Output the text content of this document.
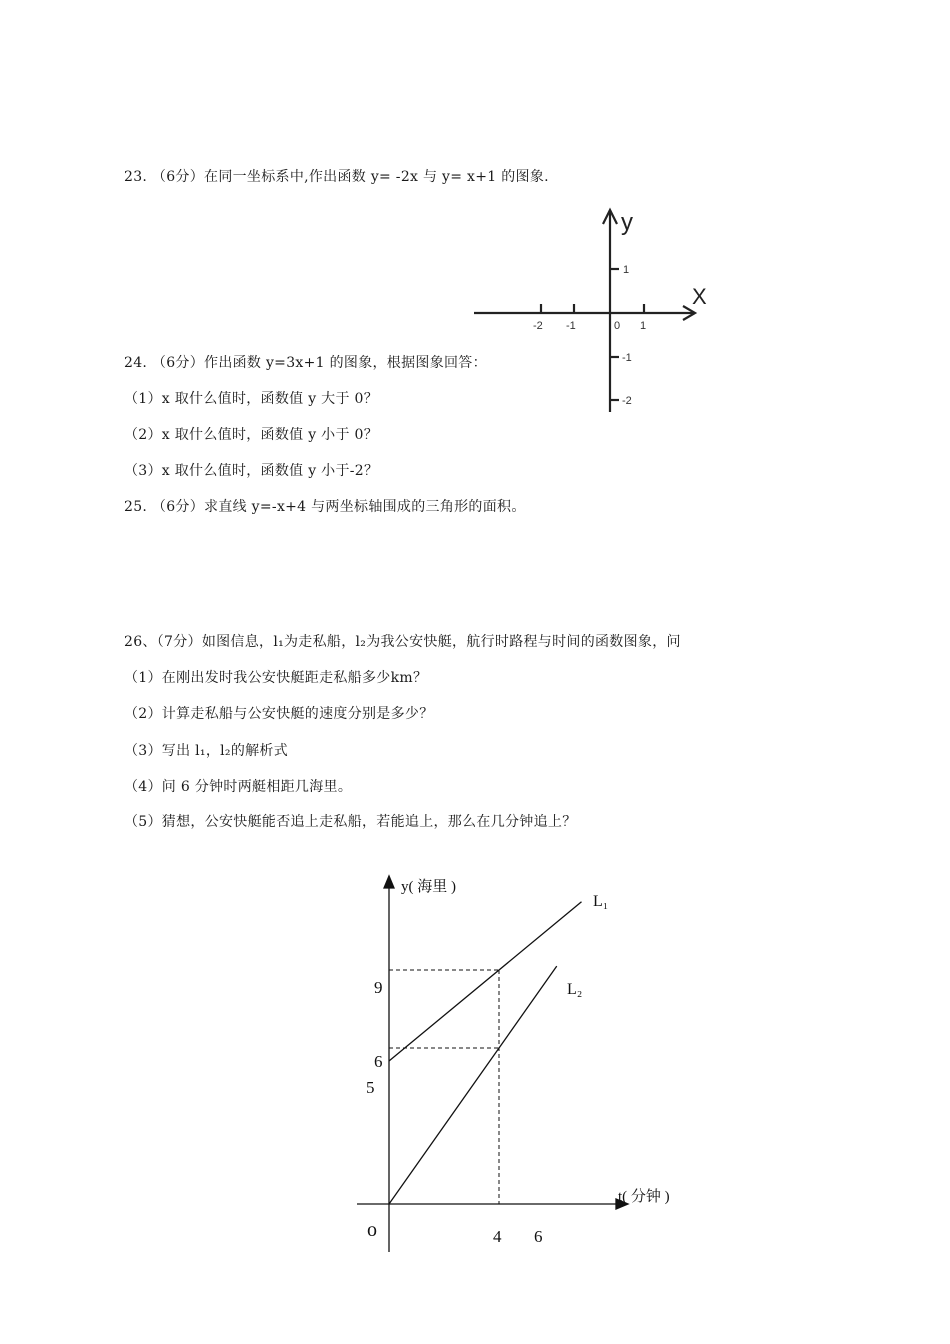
23. （6分）在同一坐标系中,作出函数 y= -2x 与 y= x+1 的图象.
X
y
-2 -1	0 1
1
-1
-2
24. （6分）作出函数 y=3x+1 的图象，根据图象回答：
（1）x 取什么值时，函数值 y 大于 0？
（2）x 取什么值时，函数值 y 小于 0？
（3）x 取什么值时，函数值 y 小于-2？
25. （6分）求直线 y=-x+4 与两坐标轴围成的三角形的面积。
26、（7分）如图信息，l₁为走私船，l₂为我公安快艇，航行时路程与时间的函数图象，问
（1）在刚出发时我公安快艇距走私船多少km？
（2）计算走私船与公安快艇的速度分别是多少？
（3）写出 l₁，l₂的解析式
（4）问 6 分钟时两艇相距几海里。
（5）猜想，公安快艇能否追上走私船，若能追上，那么在几分钟追上？
y( 海里 )
t( 分钟 )
o	4 6
9
6
5
L₁
L₂
